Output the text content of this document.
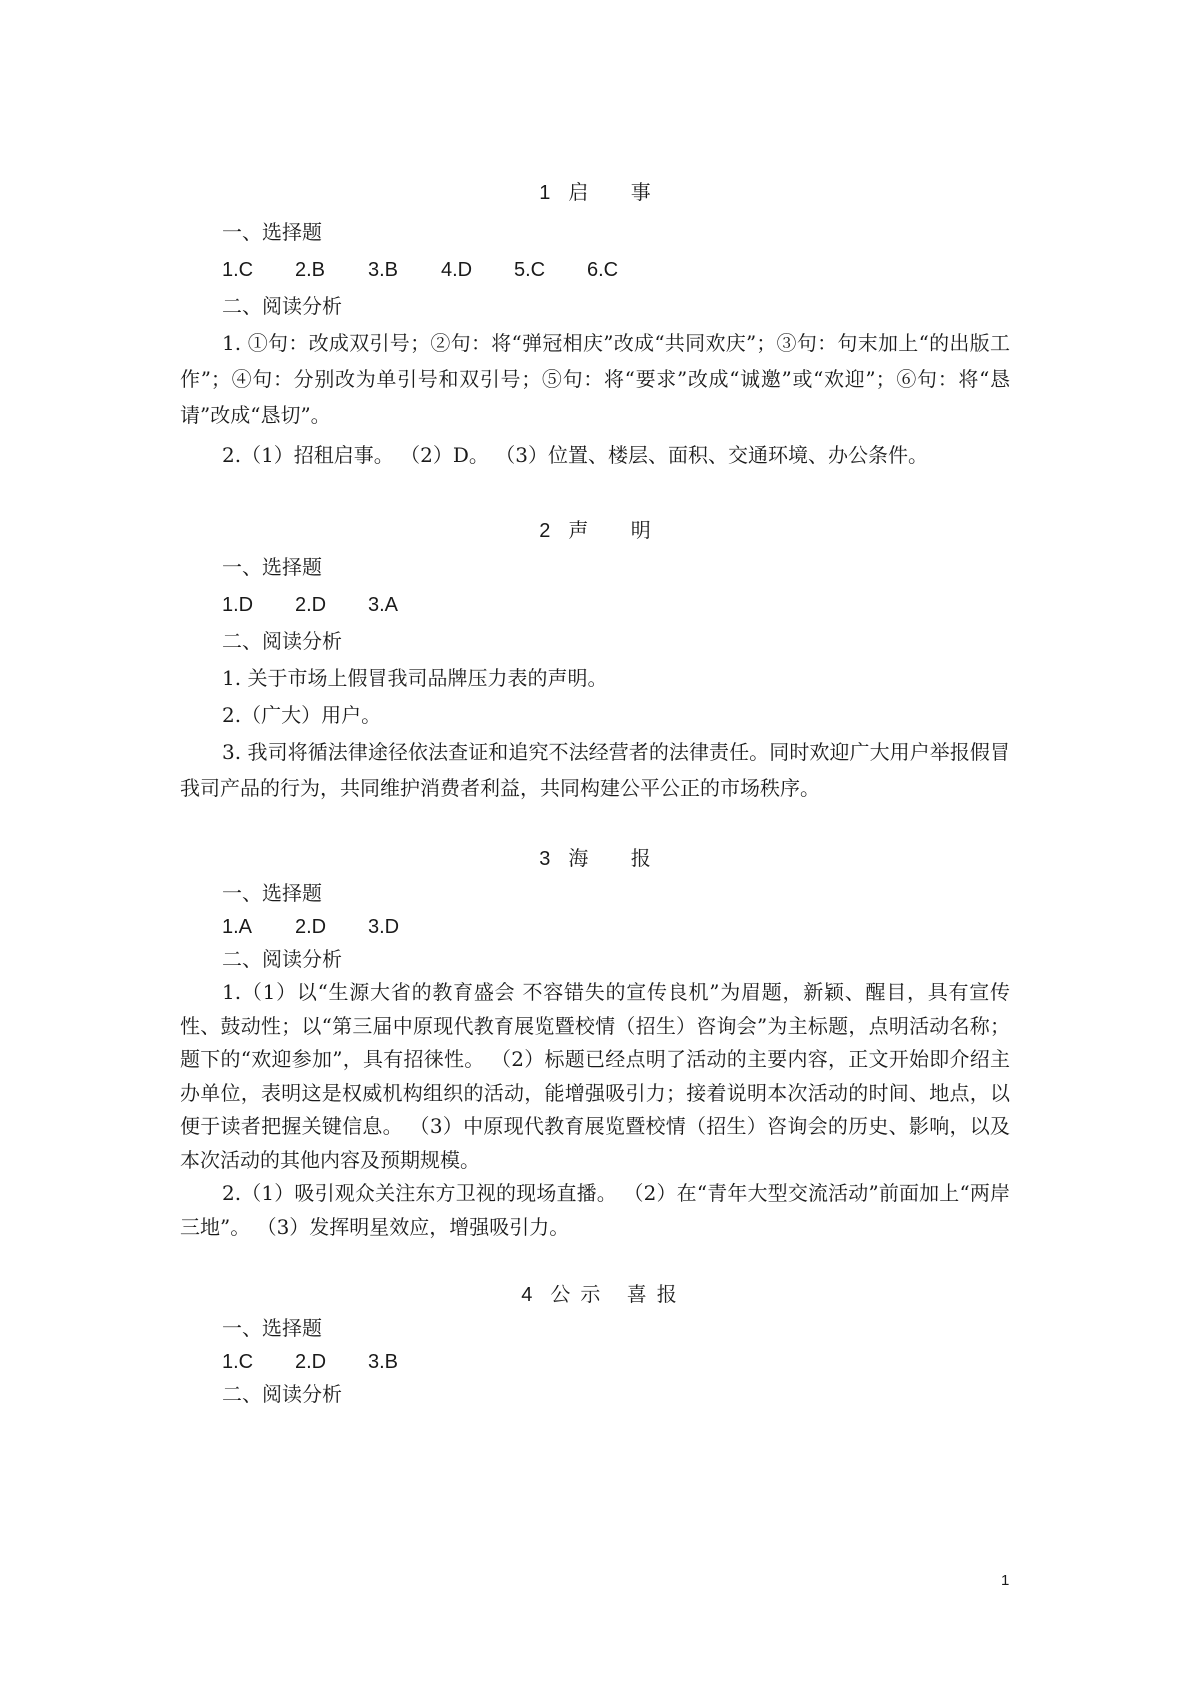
1 启 事
一、选择题
1.C 2.B 3.B 4.D 5.C 6.C
二、阅读分析
1. ①句：改成双引号；②句：将“弹冠相庆”改成“共同欢庆”；③句：句末加上“的出版工作”；④句：分别改为单引号和双引号；⑤句：将“要求”改成“诚邀”或“欢迎”；⑥句：将“恳请”改成“恳切”。
2.（1）招租启事。 （2）D。 （3）位置、楼层、面积、交通环境、办公条件。
2 声 明
一、选择题
1.D 2.D 3.A
二、阅读分析
1. 关于市场上假冒我司品牌压力表的声明。
2.（广大）用户。
3. 我司将循法律途径依法查证和追究不法经营者的法律责任。同时欢迎广大用户举报假冒我司产品的行为，共同维护消费者利益，共同构建公平公正的市场秩序。
3 海 报
一、选择题
1.A 2.D 3.D
二、阅读分析
1.（1）以“生源大省的教育盛会 不容错失的宣传良机”为眉题，新颖、醒目，具有宣传性、鼓动性；以“第三届中原现代教育展览暨校情（招生）咨询会”为主标题，点明活动名称；题下的“欢迎参加”，具有招徕性。 （2）标题已经点明了活动的主要内容，正文开始即介绍主办单位，表明这是权威机构组织的活动，能增强吸引力；接着说明本次活动的时间、地点，以便于读者把握关键信息。 （3）中原现代教育展览暨校情（招生）咨询会的历史、影响，以及本次活动的其他内容及预期规模。
2.（1）吸引观众关注东方卫视的现场直播。 （2）在“青年大型交流活动”前面加上“两岸三地”。 （3）发挥明星效应，增强吸引力。
4 公示 喜报
一、选择题
1.C 2.D 3.B
二、阅读分析
1
